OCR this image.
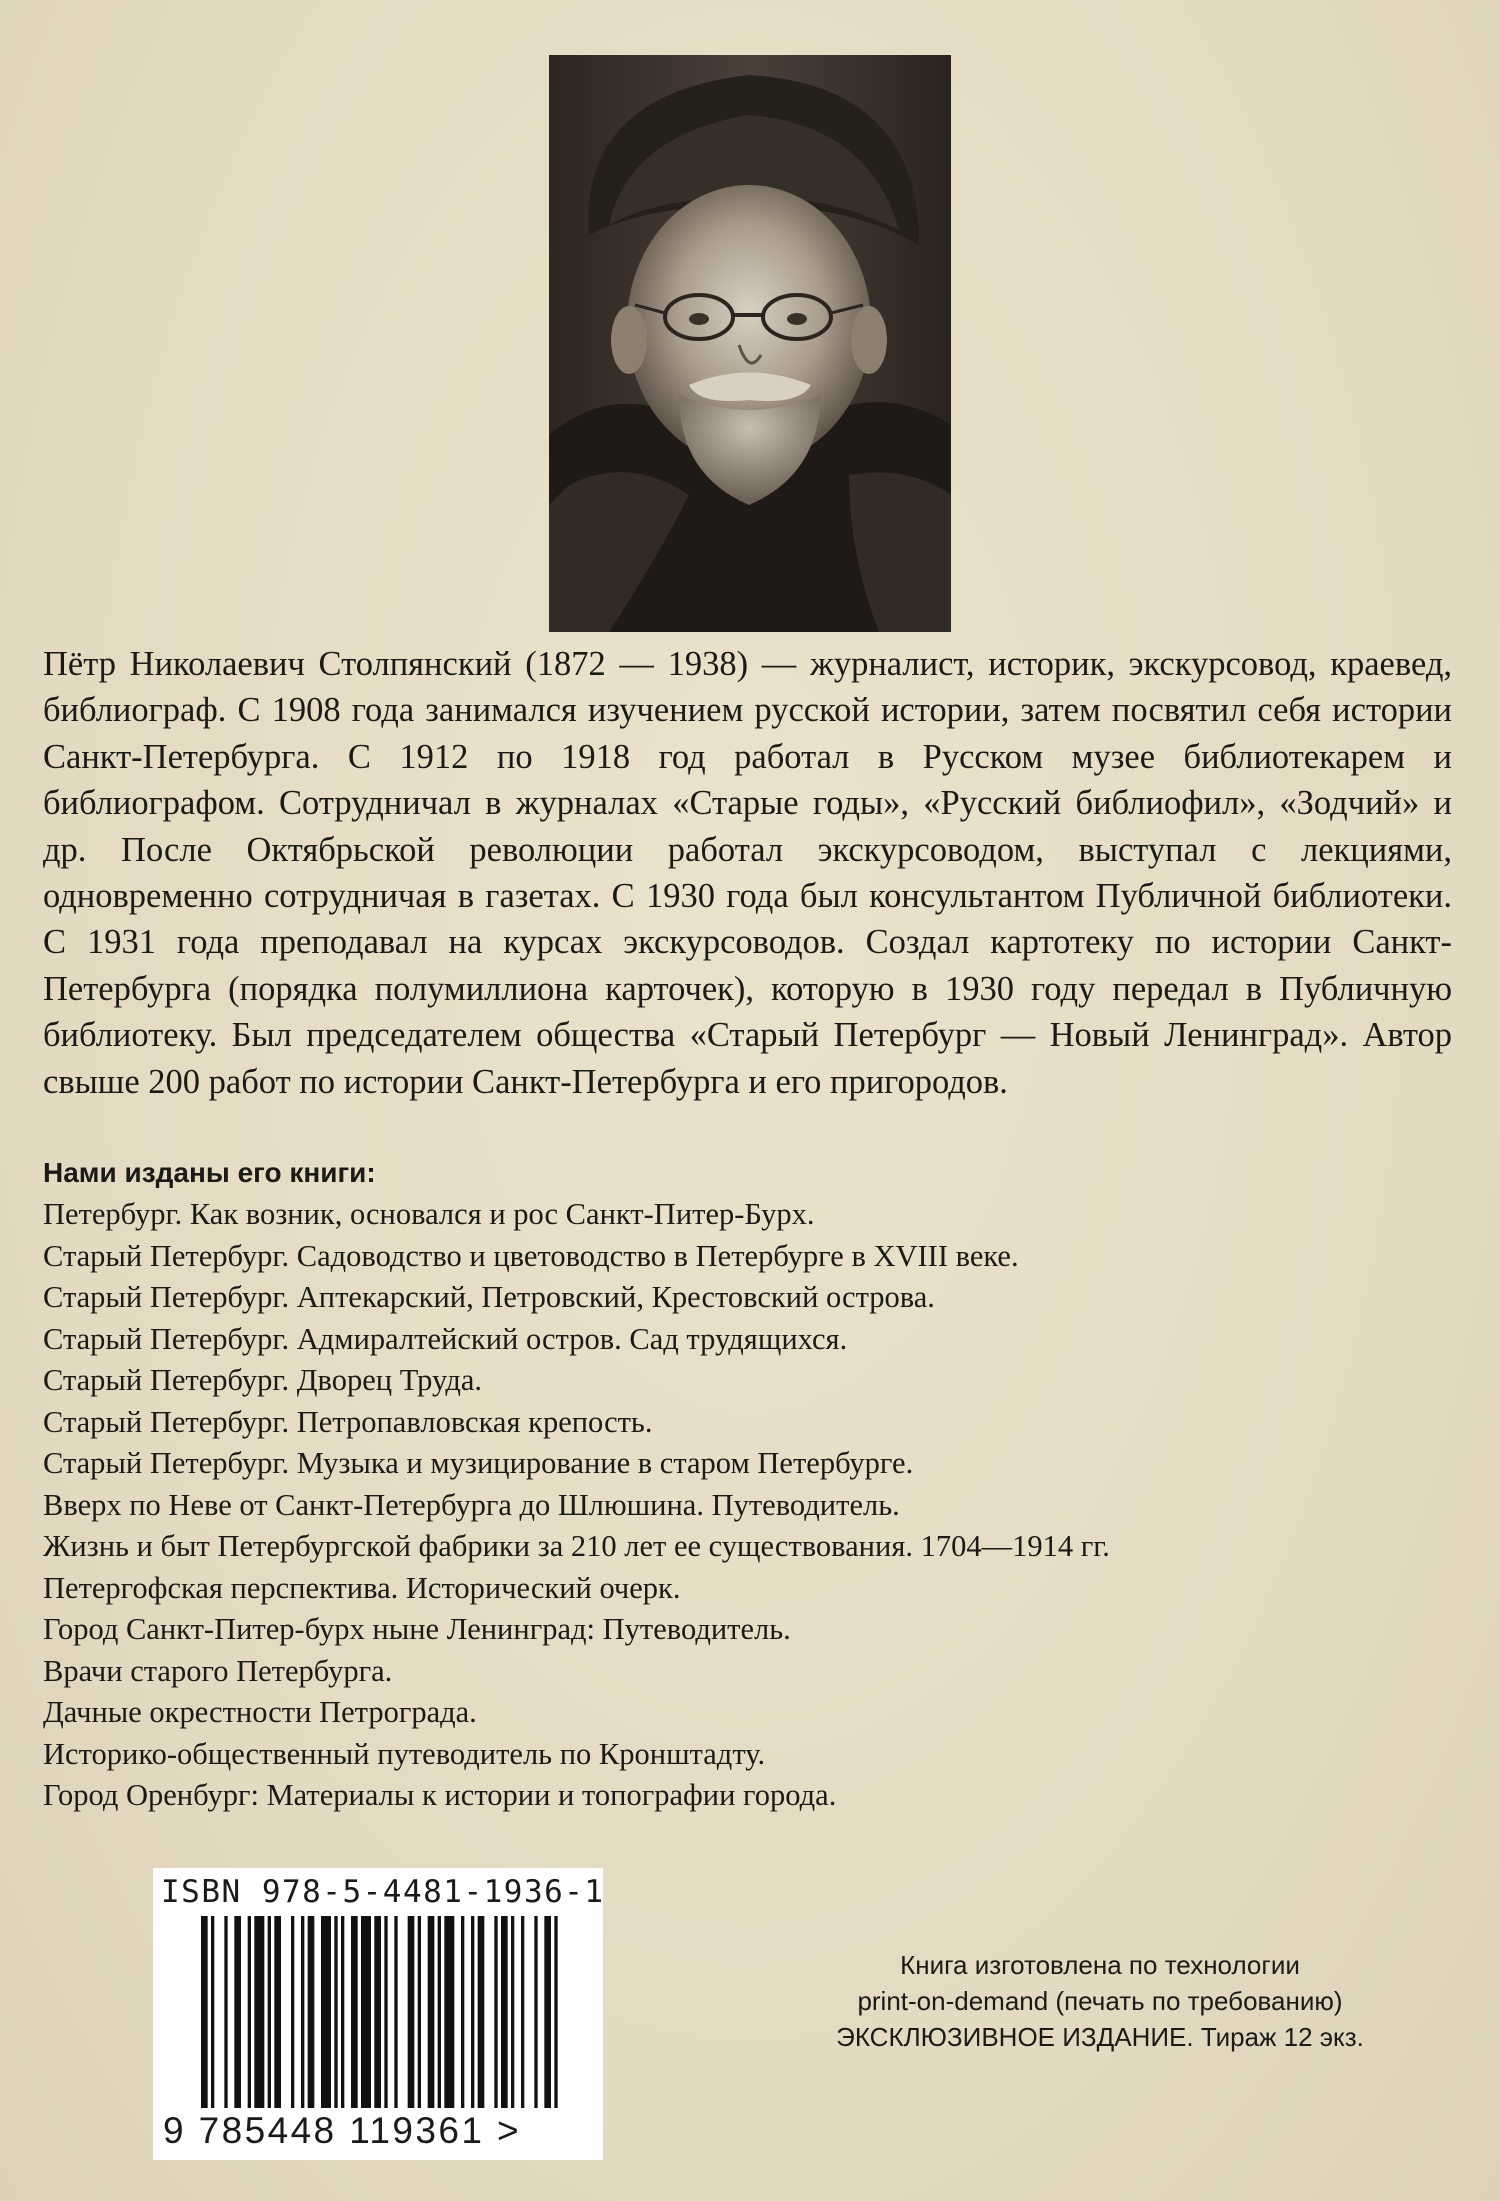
Пётр Николаевич Столпянский (1872 — 1938) — журналист, историк, экскурсовод, краевед, библиограф. С 1908 года занимался изучением русской истории, затем посвятил себя истории Санкт-Петербурга. С 1912 по 1918 год работал в Русском музее библиотекарем и библиографом. Сотрудничал в журналах «Старые годы», «Русский библиофил», «Зодчий» и др. После Октябрьской революции работал экскурсоводом, выступал с лекциями, одновременно сотрудничая в газетах. С 1930 года был консультантом Публичной библиотеки. С 1931 года преподавал на курсах экскурсоводов. Создал картотеку по истории Санкт-Петербурга (порядка полумиллиона карточек), которую в 1930 году передал в Публичную библиотеку. Был председателем общества «Старый Петербург — Новый Ленинград». Автор свыше 200 работ по истории Санкт-Петербурга и его пригородов.

Нами изданы его книги:
Петербург. Как возник, основался и рос Санкт-Питер-Бурх.
Старый Петербург. Садоводство и цветоводство в Петербурге в XVIII веке.
Старый Петербург. Аптекарский, Петровский, Крестовский острова.
Старый Петербург. Адмиралтейский остров. Сад трудящихся.
Старый Петербург. Дворец Труда.
Старый Петербург. Петропавловская крепость.
Старый Петербург. Музыка и музицирование в старом Петербурге.
Вверх по Неве от Санкт-Петербурга до Шлюшина. Путеводитель.
Жизнь и быт Петербургской фабрики за 210 лет ее существования. 1704—1914 гг.
Петергофская перспектива. Исторический очерк.
Город Санкт-Питер-бурх ныне Ленинград: Путеводитель.
Врачи старого Петербурга.
Дачные окрестности Петрограда.
Историко-общественный путеводитель по Кронштадту.
Город Оренбург: Материалы к истории и топографии города.
ISBN 978-5-4481-1936-1
9 785448 119361 >
Книга изготовлена по технологии
print-on-demand (печать по требованию)
ЭКСКЛЮЗИВНОЕ ИЗДАНИЕ. Тираж 12 экз.
